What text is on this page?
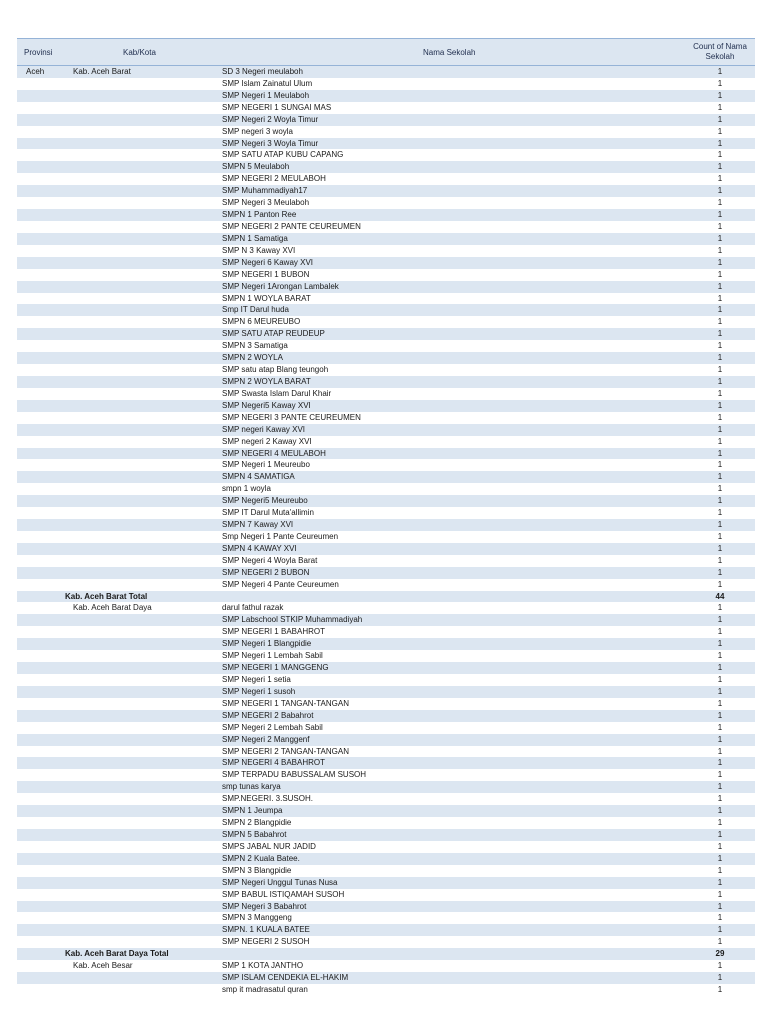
Provinsi	Kab/Kota	Nama Sekolah
Count of Nama
Sekolah
Aceh	Kab. Aceh Barat	SD 3 Negeri meulaboh	1
SMP Islam Zainatul Ulum	1
SMP Negeri 1 Meulaboh	1
SMP NEGERI 1 SUNGAI MAS	1
SMP Negeri 2 Woyla Timur	1
SMP negeri 3 woyla	1
SMP Negeri 3 Woyla Timur	1
SMP SATU ATAP KUBU CAPANG	1
SMPN 5 Meulaboh	1
SMP NEGERI 2 MEULABOH	1
SMP Muhammadiyah17	1
SMP Negeri 3 Meulaboh	1
SMPN 1 Panton Ree	1
SMP NEGERI 2 PANTE CEUREUMEN	1
SMPN 1 Samatiga	1
SMP N 3 Kaway XVI	1
SMP Negeri 6 Kaway XVI	1
SMP NEGERI 1 BUBON	1
SMP Negeri 1Arongan Lambalek	1
SMPN 1 WOYLA BARAT	1
Smp IT Darul huda	1
SMPN 6 MEUREUBO	1
SMP SATU ATAP REUDEUP	1
SMPN 3 Samatiga	1
SMPN 2 WOYLA	1
SMP satu atap Blang teungoh	1
SMPN 2 WOYLA BARAT	1
SMP Swasta Islam Darul Khair	1
SMP Negeri5 Kaway XVI	1
SMP NEGERI 3 PANTE CEUREUMEN	1
SMP negeri Kaway XVI	1
SMP negeri 2 Kaway XVI	1
SMP NEGERI 4 MEULABOH	1
SMP Negeri 1 Meureubo	1
SMPN 4 SAMATIGA	1
smpn 1 woyla	1
SMP Negeri5 Meureubo	1
SMP IT Darul Muta'allimin	1
SMPN 7 Kaway XVI	1
Smp Negeri 1 Pante Ceureumen	1
SMPN 4 KAWAY XVI	1
SMP Negeri 4 Woyla Barat	1
SMP NEGERI 2 BUBON	1
SMP Negeri 4 Pante Ceureumen	1
Kab. Aceh Barat Total	44
Kab. Aceh Barat Daya	darul fathul razak	1
SMP Labschool STKIP Muhammadiyah	1
SMP NEGERI 1 BABAHROT	1
SMP Negeri 1 Blangpidie	1
SMP Negeri 1 Lembah Sabil	1
SMP NEGERI 1 MANGGENG	1
SMP Negeri 1 setia	1
SMP Negeri 1 susoh	1
SMP NEGERI 1 TANGAN-TANGAN	1
SMP NEGERI 2 Babahrot	1
SMP Negeri 2 Lembah Sabil	1
SMP Negeri 2 Manggenf	1
SMP NEGERI 2 TANGAN-TANGAN	1
SMP NEGERI 4 BABAHROT	1
SMP TERPADU BABUSSALAM SUSOH	1
smp tunas karya	1
SMP.NEGERI. 3.SUSOH.	1
SMPN 1 Jeumpa	1
SMPN 2 Blangpidie	1
SMPN 5 Babahrot	1
SMPS JABAL NUR JADID	1
SMPN 2 Kuala Batee.	1
SMPN 3 Blangpidie	1
SMP Negeri Unggul Tunas Nusa	1
SMP BABUL ISTIQAMAH SUSOH	1
SMP Negeri 3 Babahrot	1
SMPN 3 Manggeng	1
SMPN. 1 KUALA BATEE	1
SMP NEGERI 2 SUSOH	1
Kab. Aceh Barat Daya Total	29
Kab. Aceh Besar	SMP 1 KOTA JANTHO	1
SMP ISLAM CENDEKIA EL-HAKIM	1
smp it madrasatul quran	1
